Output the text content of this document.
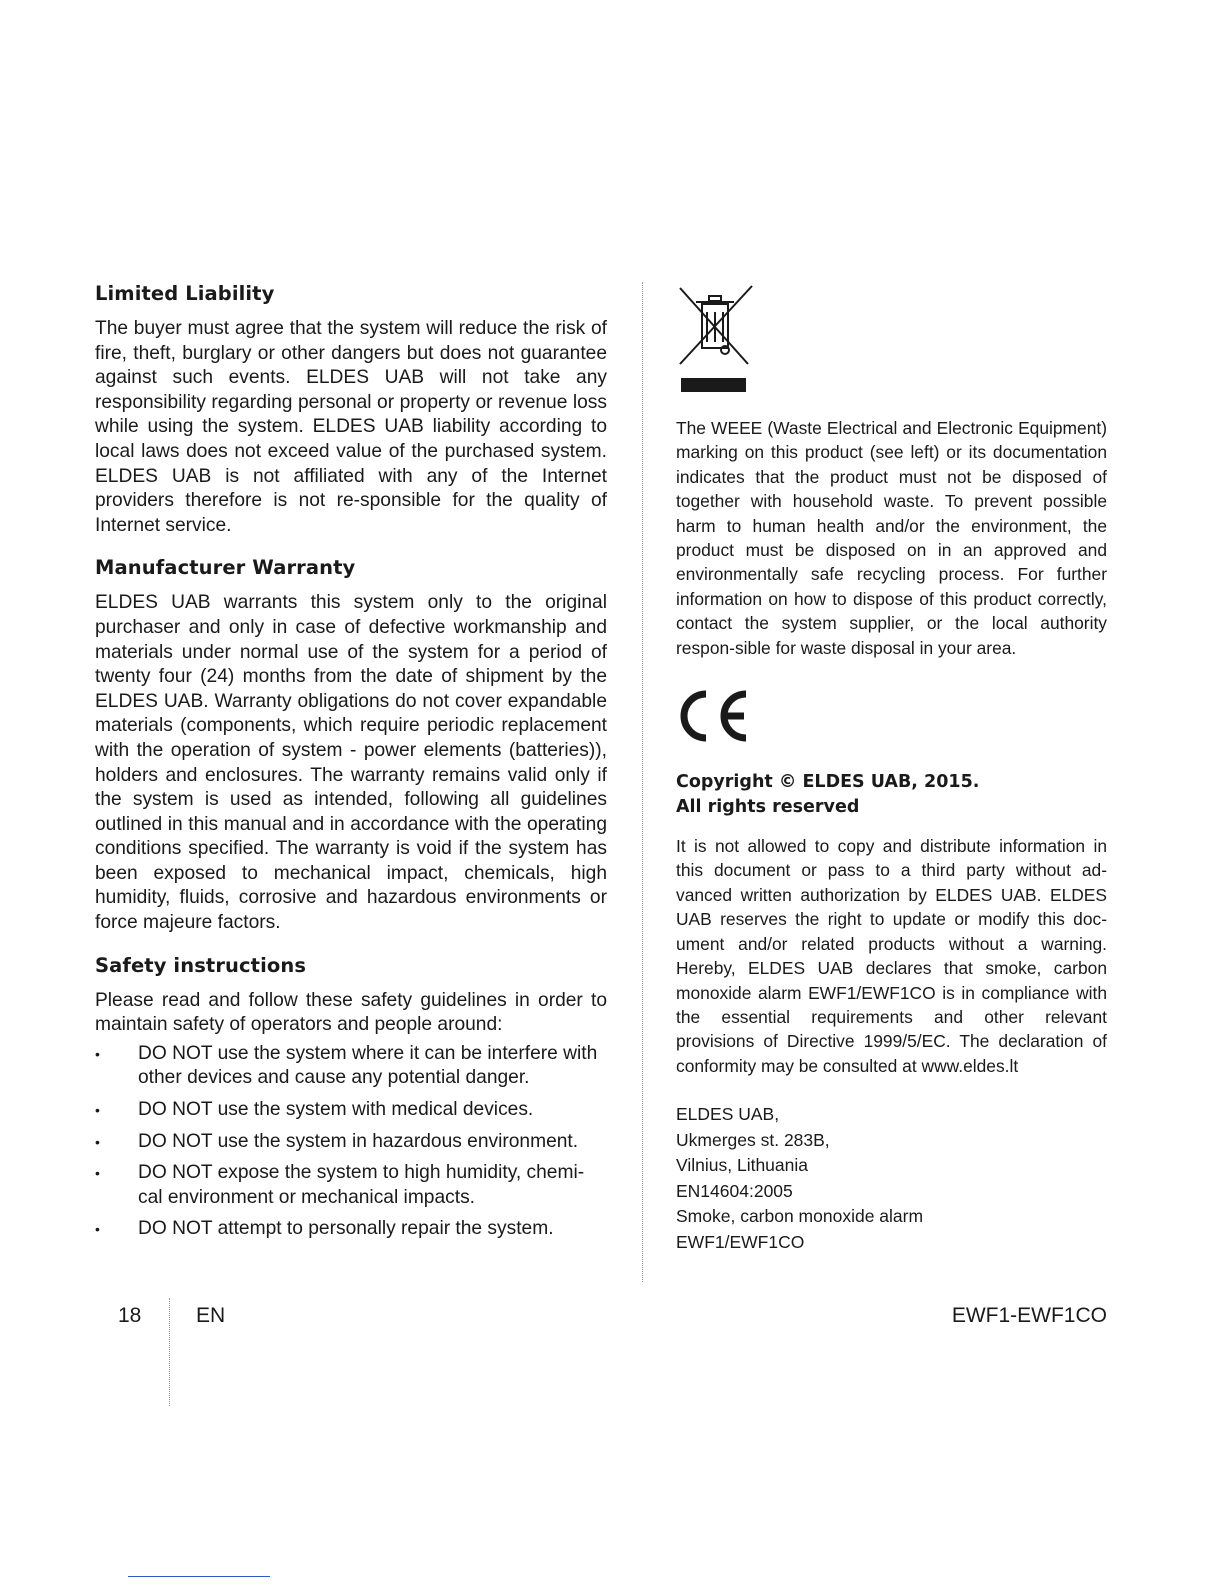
Limited Liability

The buyer must agree that the system will reduce the risk of fire, theft, burglary or other dangers but does not guarantee against such events. ELDES UAB will not take any responsibility regarding personal or property or revenue loss while using the system. ELDES UAB liability according to local laws does not exceed value of the purchased system. ELDES UAB is not affiliated with any of the Internet providers therefore is not re-sponsible for the quality of Internet service.

Manufacturer Warranty

ELDES UAB warrants this system only to the original purchaser and only in case of defective workmanship and materials under normal use of the system for a period of twenty four (24) months from the date of shipment by the ELDES UAB. Warranty obligations do not cover expandable materials (components, which require periodic replacement with the operation of system - power elements (batteries)), holders and enclosures. The warranty remains valid only if the system is used as intended, following all guidelines outlined in this manual and in accordance with the operating conditions specified. The warranty is void if the system has been exposed to mechanical impact, chemicals, high humidity, fluids, corrosive and hazardous environments or force majeure factors.

Safety instructions

Please read and follow these safety guidelines in order to maintain safety of operators and people around:

• DO NOT use the system where it can be interfere with other devices and cause any potential danger.
• DO NOT use the system with medical devices.
• DO NOT use the system in hazardous environment.
• DO NOT expose the system to high humidity, chemi-cal environment or mechanical impacts.
• DO NOT attempt to personally repair the system.

The WEEE (Waste Electrical and Electronic Equipment) marking on this product (see left) or its documentation indicates that the product must not be disposed of together with household waste. To prevent possible harm to human health and/or the environment, the product must be disposed on in an approved and environmentally safe recycling process. For further information on how to dispose of this product correctly, contact the system supplier, or the local authority respon-sible for waste disposal in your area.

Copyright © ELDES UAB, 2015.
All rights reserved

It is not allowed to copy and distribute information in this document or pass to a third party without ad-vanced written authorization by ELDES UAB. ELDES UAB reserves the right to update or modify this doc-ument and/or related products without a warning. Hereby, ELDES UAB declares that smoke, carbon monoxide alarm EWF1/EWF1CO is in compliance with the essential requirements and other relevant provisions of Directive 1999/5/EC. The declaration of conformity may be consulted at www.eldes.lt

ELDES UAB,
Ukmerges st. 283B,
Vilnius, Lithuania
EN14604:2005
Smoke, carbon monoxide alarm
EWF1/EWF1CO
18	EN	EWF1-EWF1CO
